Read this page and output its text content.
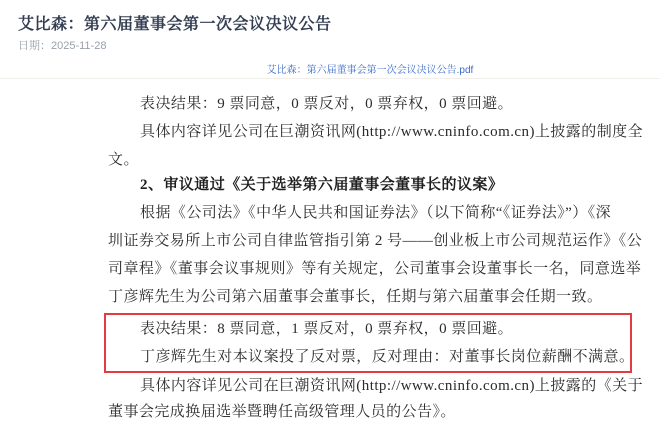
艾比森：第六届董事会第一次会议决议公告
日期：2025-11-28
艾比森：第六届董事会第一次会议决议公告.pdf
表决结果：9 票同意，0 票反对，0 票弃权，0 票回避。
具体内容详见公司在巨潮资讯网(http://www.cninfo.com.cn)上披露的制度全
文。
2、审议通过《关于选举第六届董事会董事长的议案》
根据《公司法》《中华人民共和国证券法》（以下简称“《证券法》”）《深
圳证券交易所上市公司自律监管指引第 2 号——创业板上市公司规范运作》《公
司章程》《董事会议事规则》等有关规定，公司董事会设董事长一名，同意选举
丁彦辉先生为公司第六届董事会董事长，任期与第六届董事会任期一致。
表决结果：8 票同意，1 票反对，0 票弃权，0 票回避。
丁彦辉先生对本议案投了反对票，反对理由：对董事长岗位薪酬不满意。
具体内容详见公司在巨潮资讯网(http://www.cninfo.com.cn)上披露的《关于
董事会完成换届选举暨聘任高级管理人员的公告》。
